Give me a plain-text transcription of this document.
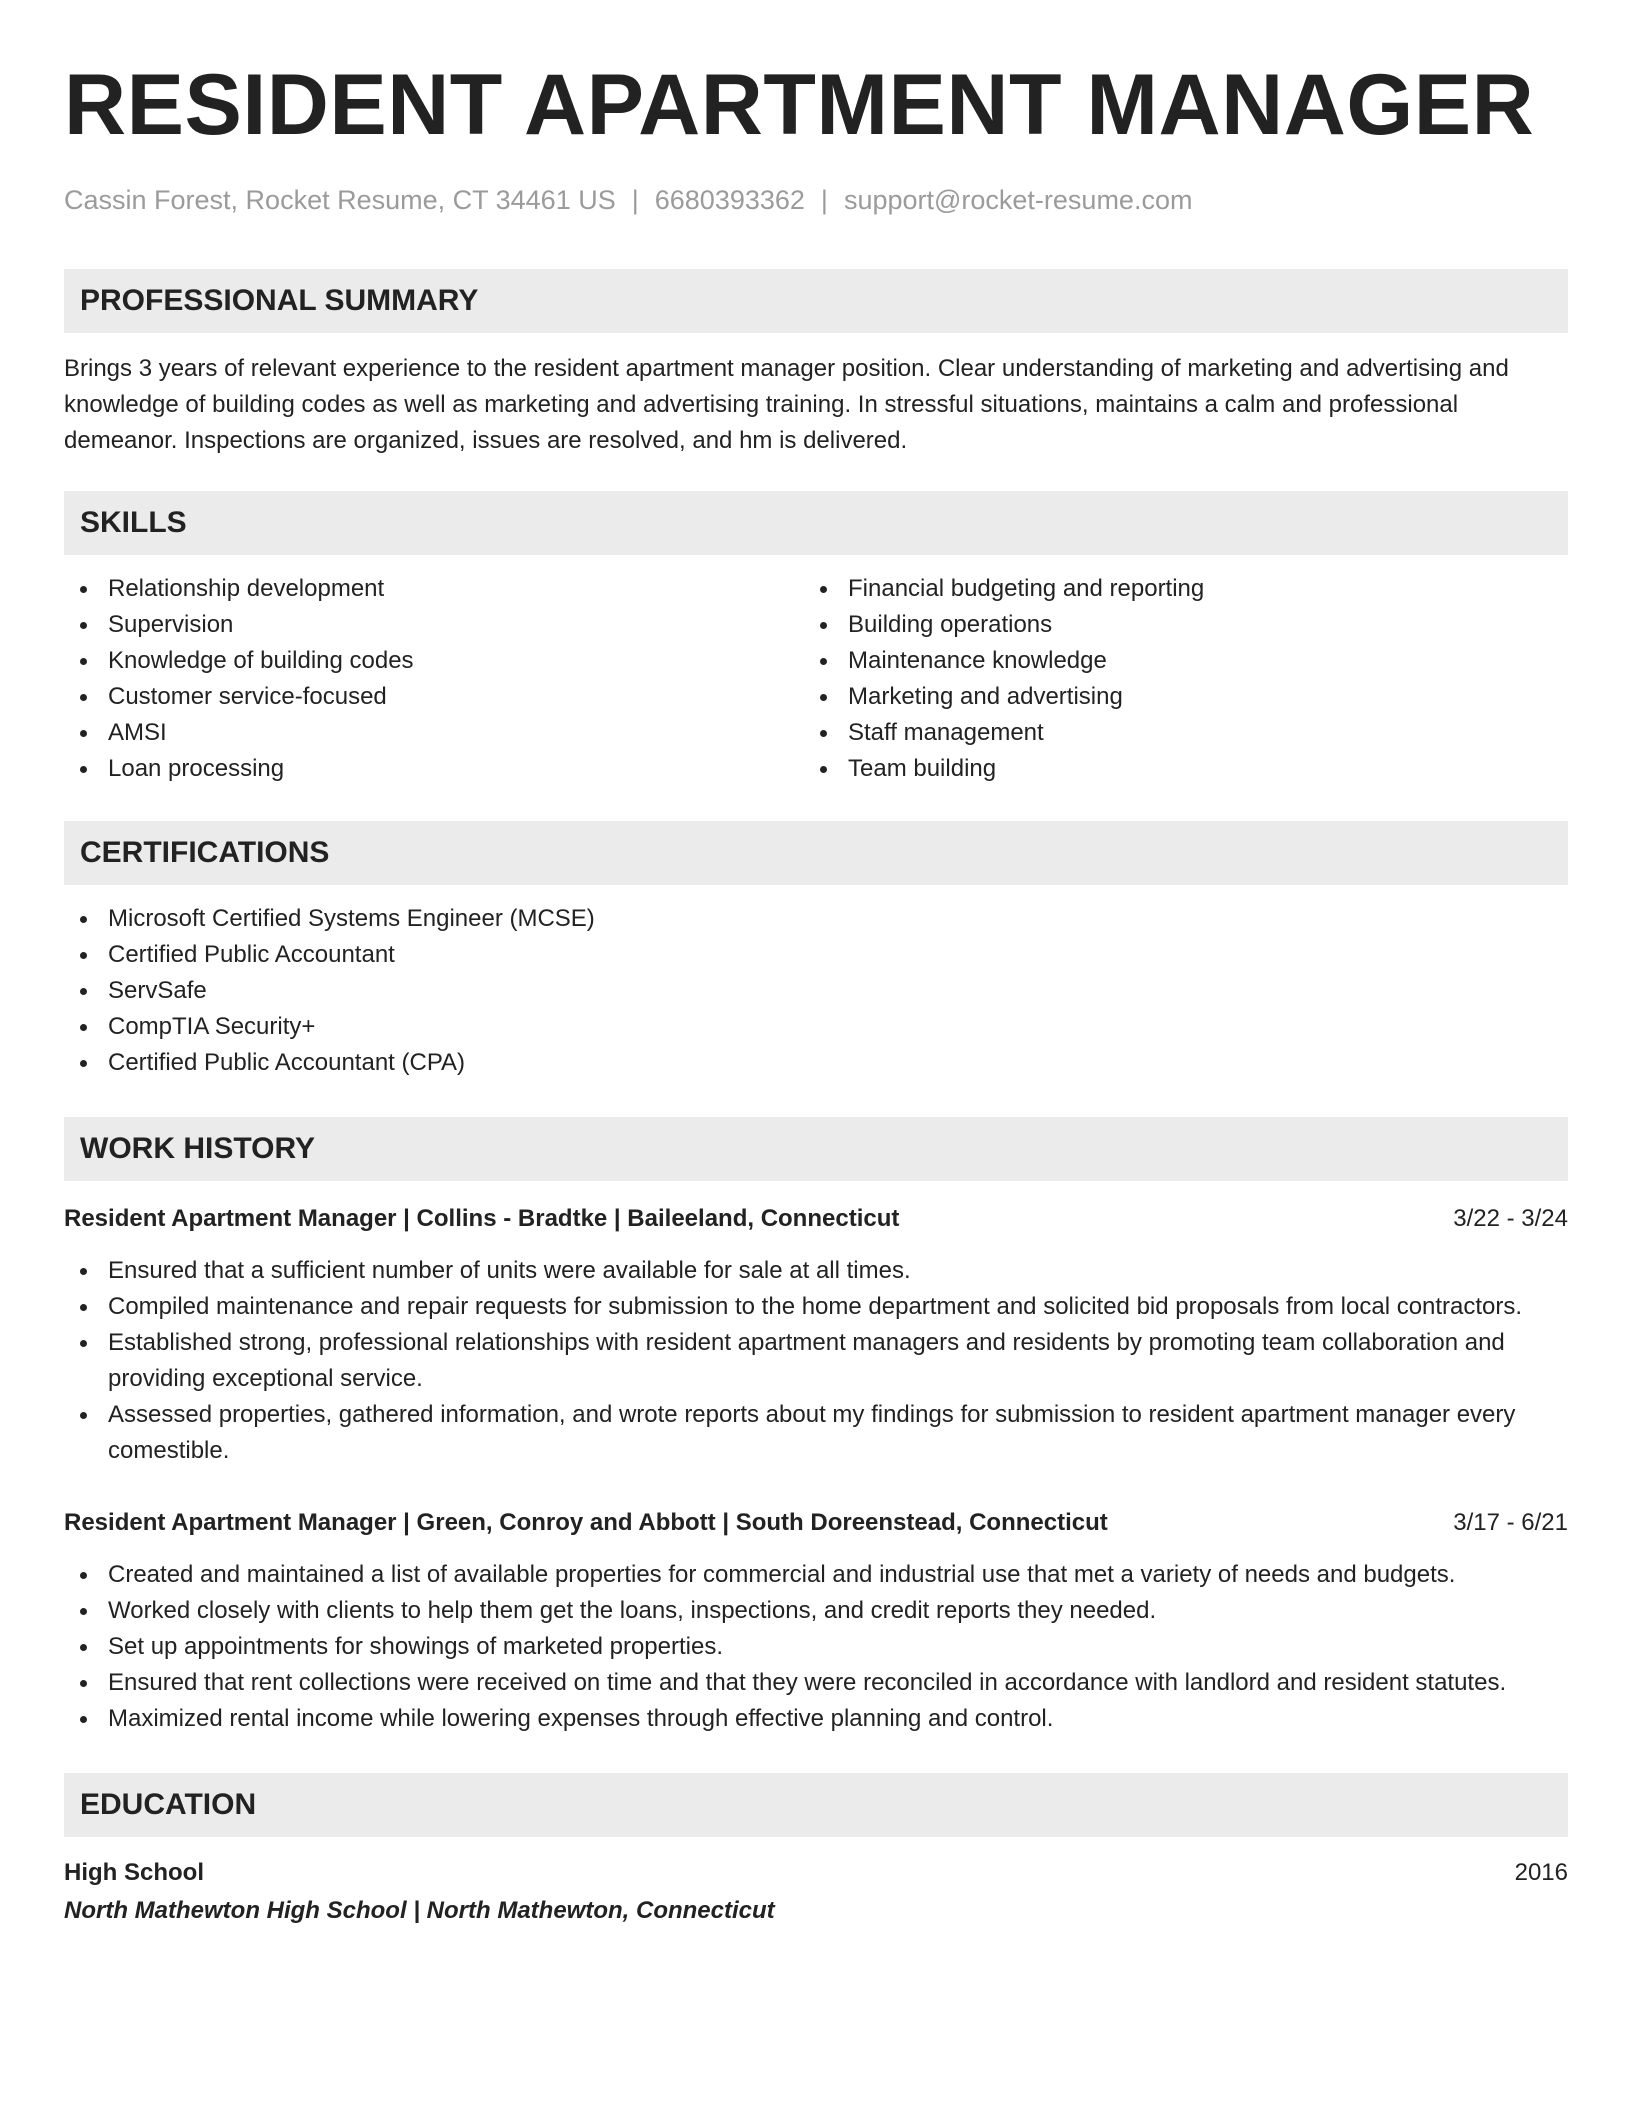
RESIDENT APARTMENT MANAGER
Cassin Forest, Rocket Resume, CT 34461 US | 6680393362 | support@rocket-resume.com
PROFESSIONAL SUMMARY

Brings 3 years of relevant experience to the resident apartment manager position. Clear understanding of marketing and advertising and knowledge of building codes as well as marketing and advertising training. In stressful situations, maintains a calm and professional demeanor. Inspections are organized, issues are resolved, and hm is delivered.

SKILLS
Relationship development
Supervision
Knowledge of building codes
Customer service-focused
AMSI
Loan processing
Financial budgeting and reporting
Building operations
Maintenance knowledge
Marketing and advertising
Staff management
Team building
CERTIFICATIONS
Microsoft Certified Systems Engineer (MCSE)
Certified Public Accountant
ServSafe
CompTIA Security+
Certified Public Accountant (CPA)
WORK HISTORY
Resident Apartment Manager | Collins - Bradtke | Baileeland, Connecticut	3/22 - 3/24
Ensured that a sufficient number of units were available for sale at all times.
Compiled maintenance and repair requests for submission to the home department and solicited bid proposals from local contractors.
Established strong, professional relationships with resident apartment managers and residents by promoting team collaboration and providing exceptional service.
Assessed properties, gathered information, and wrote reports about my findings for submission to resident apartment manager every comestible.
Resident Apartment Manager | Green, Conroy and Abbott | South Doreenstead, Connecticut	3/17 - 6/21
Created and maintained a list of available properties for commercial and industrial use that met a variety of needs and budgets.
Worked closely with clients to help them get the loans, inspections, and credit reports they needed.
Set up appointments for showings of marketed properties.
Ensured that rent collections were received on time and that they were reconciled in accordance with landlord and resident statutes.
Maximized rental income while lowering expenses through effective planning and control.
EDUCATION
High School	2016
North Mathewton High School | North Mathewton, Connecticut
